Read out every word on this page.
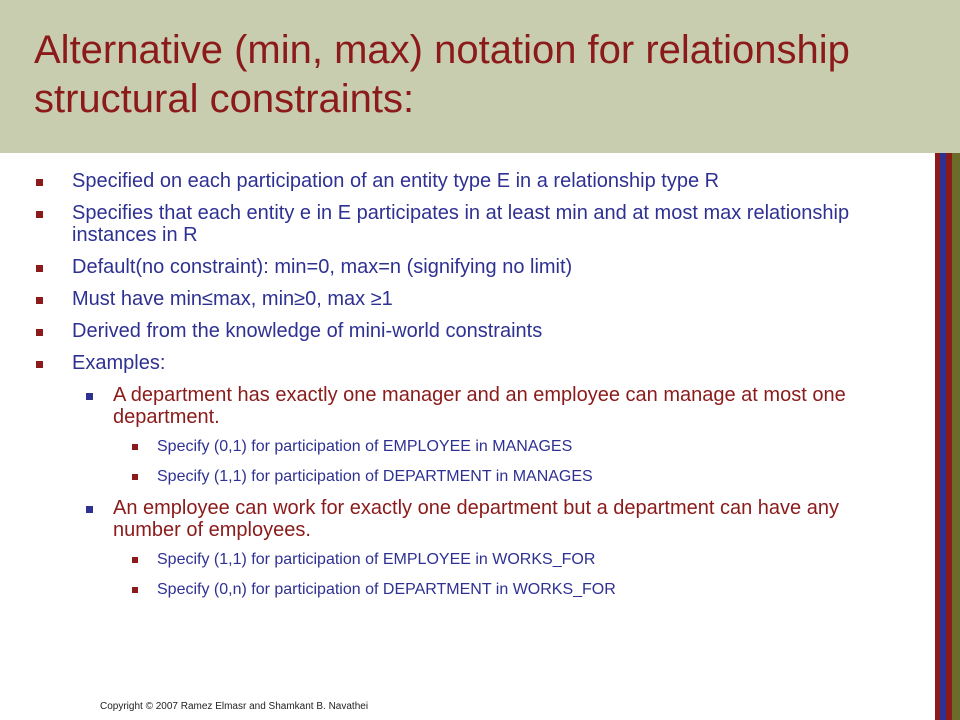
Alternative (min, max) notation for relationship structural constraints:
Specified on each participation of an entity type E in a relationship type R
Specifies that each entity e in E participates in at least min and at most max relationship instances in R
Default(no constraint): min=0, max=n (signifying no limit)
Must have min≤max, min≥0, max ≥1
Derived from the knowledge of mini-world constraints
Examples:
A department has exactly one manager and an employee can manage at most one department.
Specify (0,1) for participation of EMPLOYEE in MANAGES
Specify (1,1) for participation of DEPARTMENT in MANAGES
An employee can work for exactly one department but a department can have any number of employees.
Specify (1,1) for participation of EMPLOYEE in WORKS_FOR
Specify (0,n) for participation of DEPARTMENT in WORKS_FOR
Copyright © 2007 Ramez Elmasr and Shamkant B. Navathei
